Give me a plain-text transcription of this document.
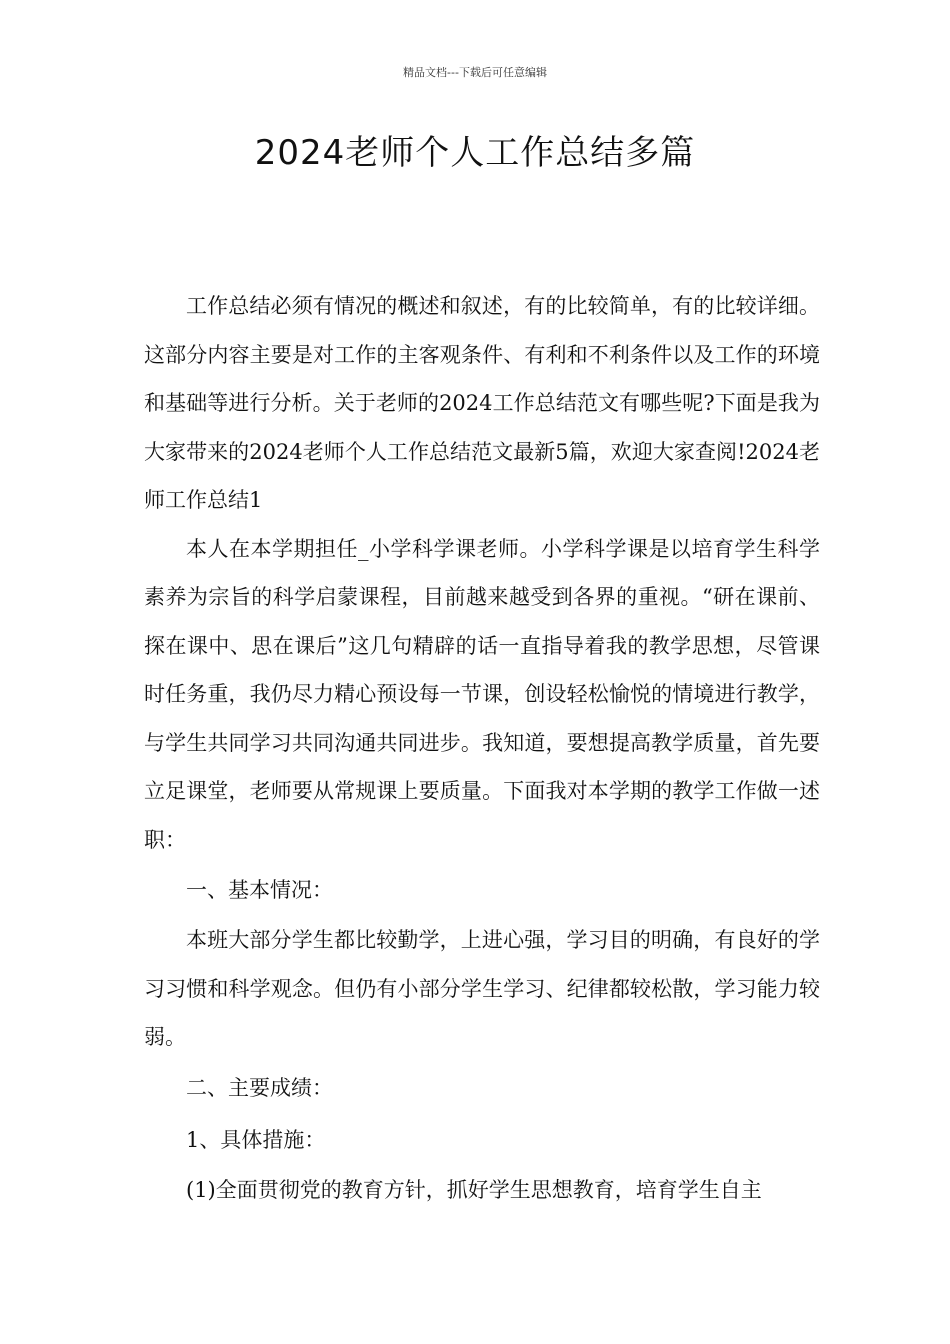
精品文档---下载后可任意编辑
2024老师个人工作总结多篇

工作总结必须有情况的概述和叙述，有的比较简单，有的比较详细。这部分内容主要是对工作的主客观条件、有利和不利条件以及工作的环境和基础等进行分析。关于老师的2024工作总结范文有哪些呢?下面是我为大家带来的2024老师个人工作总结范文最新5篇，欢迎大家查阅!2024老师工作总结1

本人在本学期担任_小学科学课老师。小学科学课是以培育学生科学素养为宗旨的科学启蒙课程，目前越来越受到各界的重视。“研在课前、探在课中、思在课后”这几句精辟的话一直指导着我的教学思想，尽管课时任务重，我仍尽力精心预设每一节课，创设轻松愉悦的情境进行教学，与学生共同学习共同沟通共同进步。我知道，要想提高教学质量，首先要立足课堂，老师要从常规课上要质量。下面我对本学期的教学工作做一述职：

一、基本情况：

本班大部分学生都比较勤学，上进心强，学习目的明确，有良好的学习习惯和科学观念。但仍有小部分学生学习、纪律都较松散，学习能力较弱。

二、主要成绩：

1、具体措施：

(1)全面贯彻党的教育方针，抓好学生思想教育，培育学生自主
